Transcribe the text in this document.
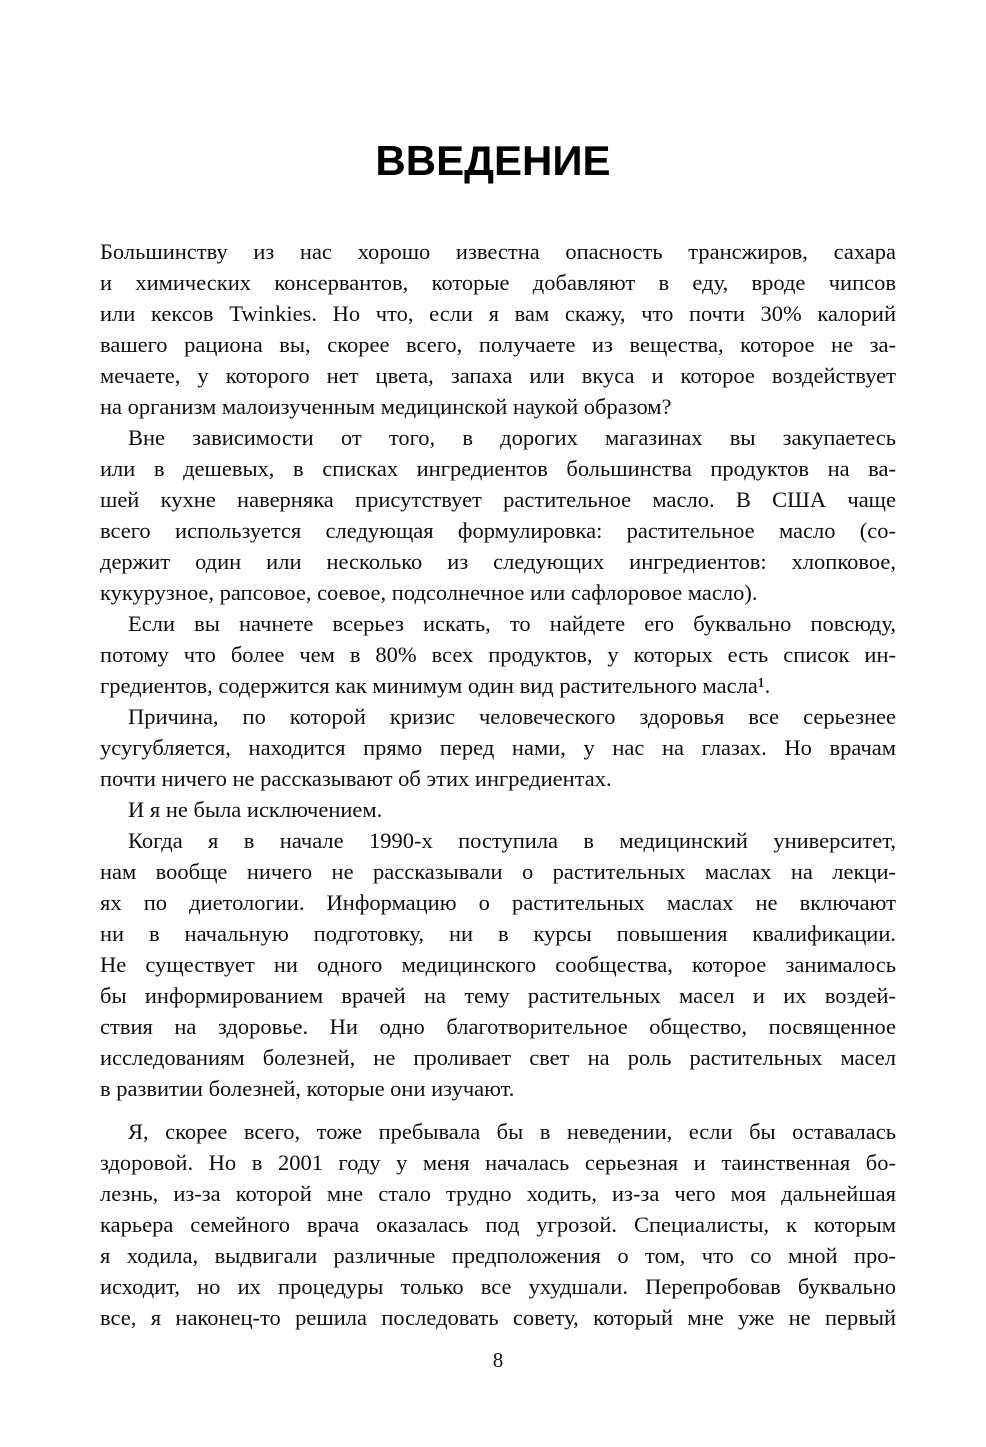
ВВЕДЕНИЕ
Большинству из нас хорошо известна опасность трансжиров, сахара
и химических консервантов, которые добавляют в еду, вроде чипсов
или кексов Twinkies. Но что, если я вам скажу, что почти 30% калорий
вашего рациона вы, скорее всего, получаете из вещества, которое не за-
мечаете, у которого нет цвета, запаха или вкуса и которое воздействует
на организм малоизученным медицинской наукой образом?
Вне зависимости от того, в дорогих магазинах вы закупаетесь
или в дешевых, в списках ингредиентов большинства продуктов на ва-
шей кухне наверняка присутствует растительное масло. В США чаще
всего используется следующая формулировка: растительное масло (со-
держит один или несколько из следующих ингредиентов: хлопковое,
кукурузное, рапсовое, соевое, подсолнечное или сафлоровое масло).
Если вы начнете всерьез искать, то найдете его буквально повсюду,
потому что более чем в 80% всех продуктов, у которых есть список ин-
гредиентов, содержится как минимум один вид растительного масла¹.
Причина, по которой кризис человеческого здоровья все серьезнее
усугубляется, находится прямо перед нами, у нас на глазах. Но врачам
почти ничего не рассказывают об этих ингредиентах.
И я не была исключением.
Когда я в начале 1990-х поступила в медицинский университет,
нам вообще ничего не рассказывали о растительных маслах на лекци-
ях по диетологии. Информацию о растительных маслах не включают
ни в начальную подготовку, ни в курсы повышения квалификации.
Не существует ни одного медицинского сообщества, которое занималось
бы информированием врачей на тему растительных масел и их воздей-
ствия на здоровье. Ни одно благотворительное общество, посвященное
исследованиям болезней, не проливает свет на роль растительных масел
в развитии болезней, которые они изучают.
Я, скорее всего, тоже пребывала бы в неведении, если бы оставалась
здоровой. Но в 2001 году у меня началась серьезная и таинственная бо-
лезнь, из-за которой мне стало трудно ходить, из-за чего моя дальнейшая
карьера семейного врача оказалась под угрозой. Специалисты, к которым
я ходила, выдвигали различные предположения о том, что со мной про-
исходит, но их процедуры только все ухудшали. Перепробовав буквально
все, я наконец-то решила последовать совету, который мне уже не первый
8
